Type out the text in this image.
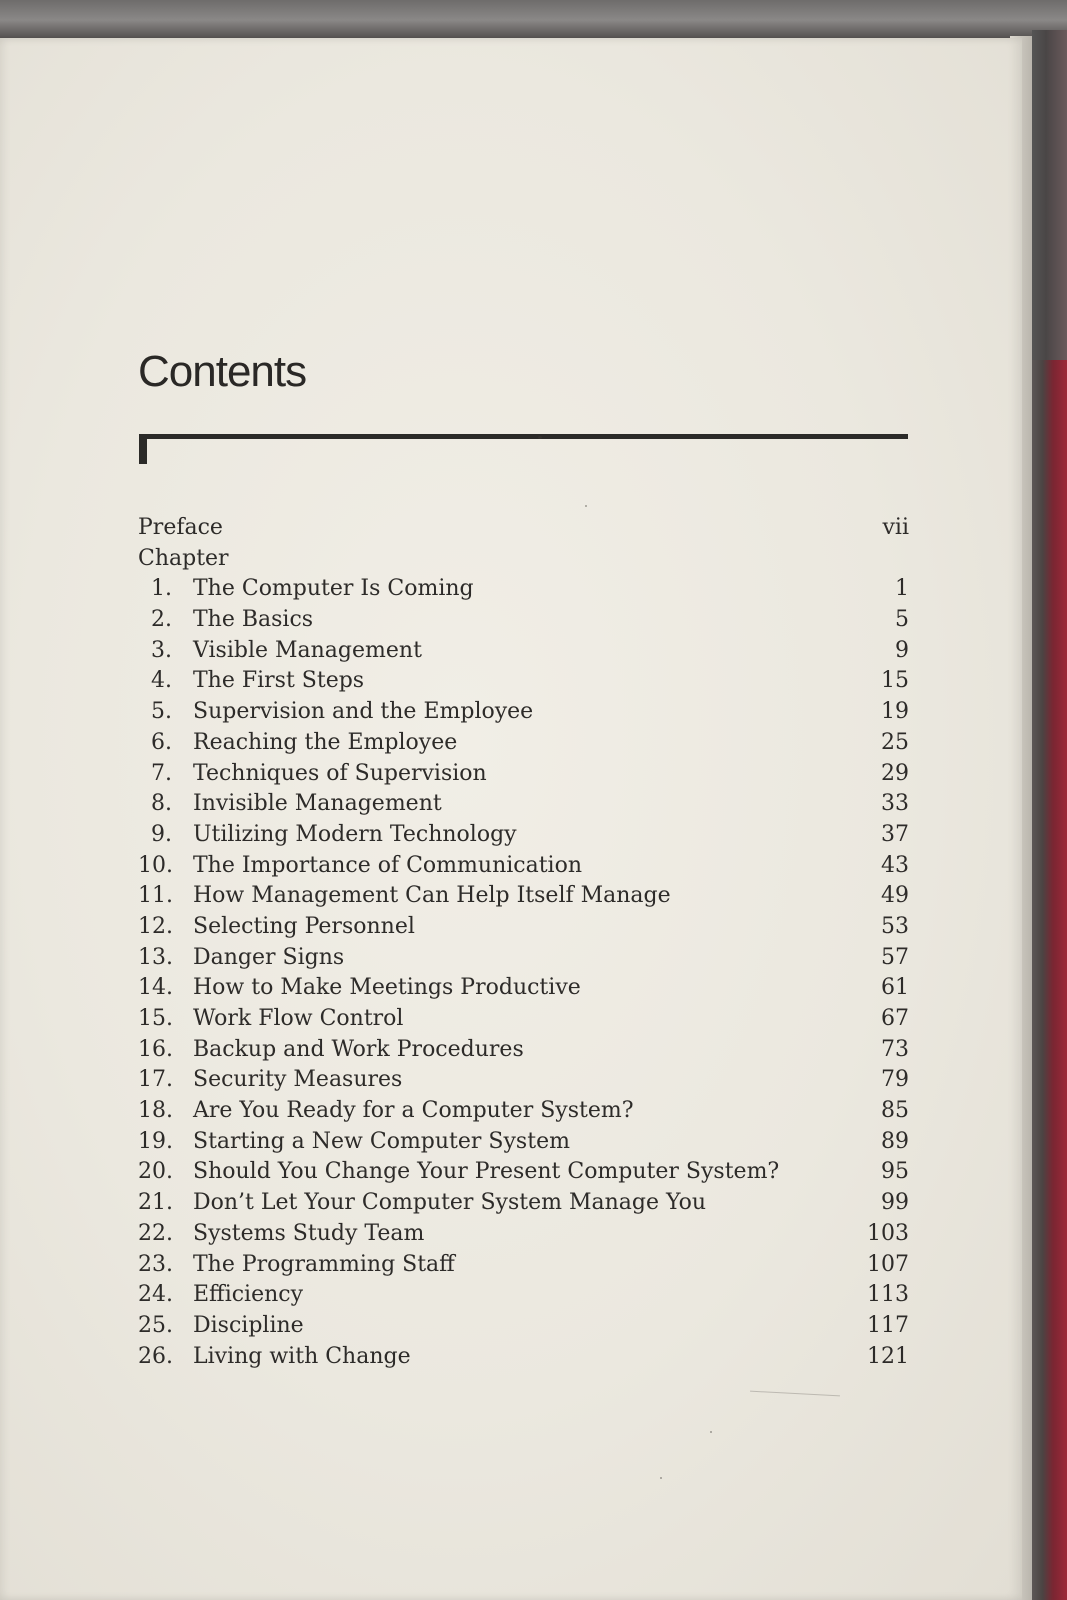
Contents
Preface	vii
Chapter
1. The Computer Is Coming	1
2. The Basics	5
3. Visible Management	9
4. The First Steps	15
5. Supervision and the Employee	19
6. Reaching the Employee	25
7. Techniques of Supervision	29
8. Invisible Management	33
9. Utilizing Modern Technology	37
10. The Importance of Communication	43
11. How Management Can Help Itself Manage	49
12. Selecting Personnel	53
13. Danger Signs	57
14. How to Make Meetings Productive	61
15. Work Flow Control	67
16. Backup and Work Procedures	73
17. Security Measures	79
18. Are You Ready for a Computer System?	85
19. Starting a New Computer System	89
20. Should You Change Your Present Computer System?	95
21. Don’t Let Your Computer System Manage You	99
22. Systems Study Team	103
23. The Programming Staff	107
24. Efficiency	113
25. Discipline	117
26. Living with Change	121
